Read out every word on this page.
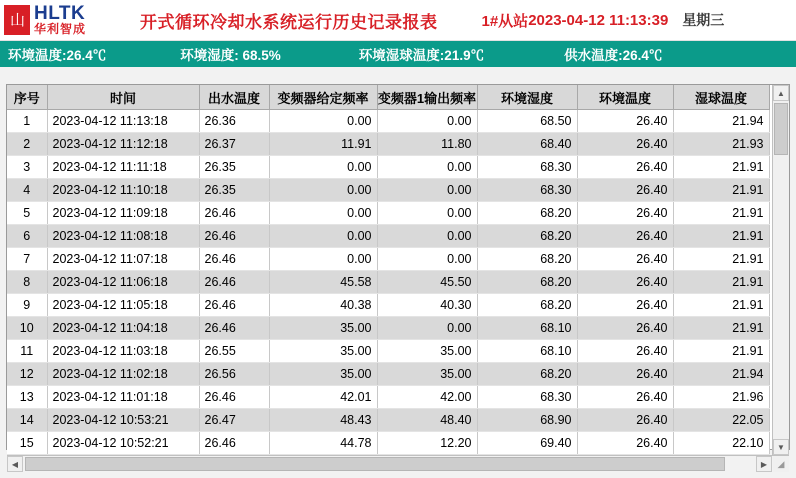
山 HLTK
华利智成	开式循环冷却水系统运行历史记录报表	1#从站 2023-04-12 11:13:39 星期三
环境温度:26.4℃	环境湿度: 68.5%	环境湿球温度:21.9℃	供水温度:26.4℃
序号	时间	出水温度	变频器给定频率	变频器1输出频率	环境湿度	环境温度	湿球温度
1	2023-04-12 11:13:18	26.36	0.00	0.00	68.50	26.40	21.94
2	2023-04-12 11:12:18	26.37	11.91	11.80	68.40	26.40	21.93
3	2023-04-12 11:11:18	26.35	0.00	0.00	68.30	26.40	21.91
4	2023-04-12 11:10:18	26.35	0.00	0.00	68.30	26.40	21.91
5	2023-04-12 11:09:18	26.46	0.00	0.00	68.20	26.40	21.91
6	2023-04-12 11:08:18	26.46	0.00	0.00	68.20	26.40	21.91
7	2023-04-12 11:07:18	26.46	0.00	0.00	68.20	26.40	21.91
8	2023-04-12 11:06:18	26.46	45.58	45.50	68.20	26.40	21.91
9	2023-04-12 11:05:18	26.46	40.38	40.30	68.20	26.40	21.91
10	2023-04-12 11:04:18	26.46	35.00	0.00	68.10	26.40	21.91
11	2023-04-12 11:03:18	26.55	35.00	35.00	68.10	26.40	21.91
12	2023-04-12 11:02:18	26.56	35.00	35.00	68.20	26.40	21.94
13	2023-04-12 11:01:18	26.46	42.01	42.00	68.30	26.40	21.96
14	2023-04-12 10:53:21	26.47	48.43	48.40	68.90	26.40	22.05
15	2023-04-12 10:52:21	26.46	44.78	12.20	69.40	26.40	22.10
▲
▼
◀	▶	◢
